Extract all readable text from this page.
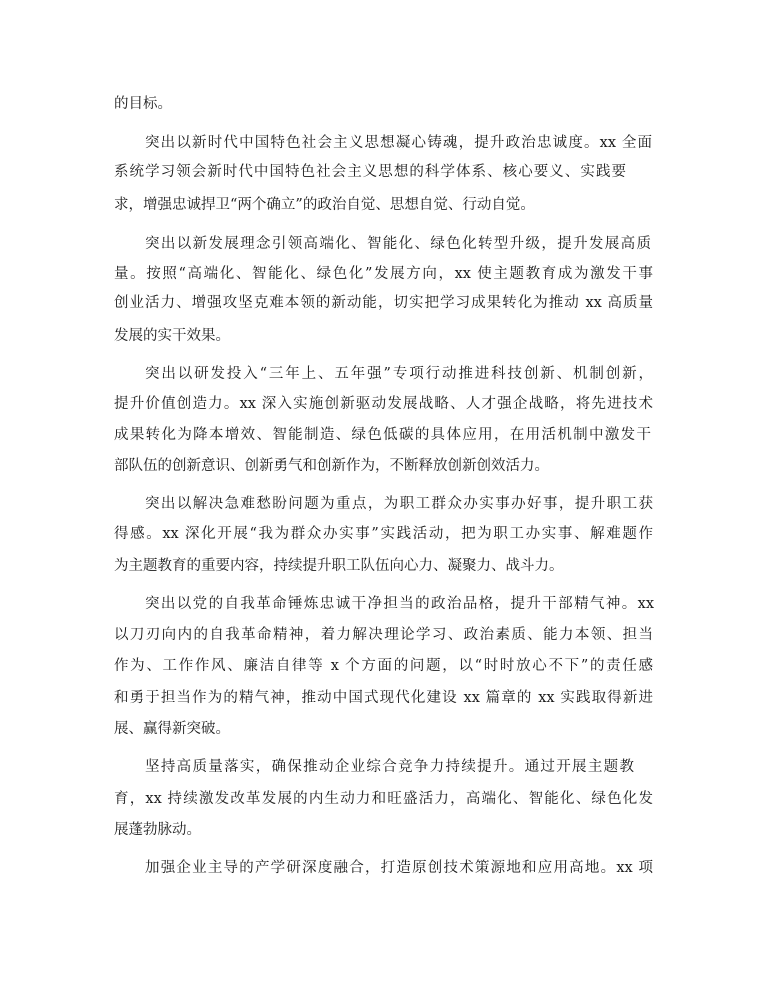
的目标。

突出以新时代中国特色社会主义思想凝心铸魂，提升政治忠诚度。xx 全面

系统学习领会新时代中国特色社会主义思想的科学体系、核心要义、实践要

求，增强忠诚捍卫“两个确立”的政治自觉、思想自觉、行动自觉。

突出以新发展理念引领高端化、智能化、绿色化转型升级，提升发展高质

量。按照“高端化、智能化、绿色化”发展方向，xx 使主题教育成为激发干事

创业活力、增强攻坚克难本领的新动能，切实把学习成果转化为推动 xx 高质量

发展的实干效果。

突出以研发投入“三年上、五年强”专项行动推进科技创新、机制创新，

提升价值创造力。xx 深入实施创新驱动发展战略、人才强企战略，将先进技术

成果转化为降本增效、智能制造、绿色低碳的具体应用，在用活机制中激发干

部队伍的创新意识、创新勇气和创新作为，不断释放创新创效活力。

突出以解决急难愁盼问题为重点，为职工群众办实事办好事，提升职工获

得感。xx 深化开展“我为群众办实事”实践活动，把为职工办实事、解难题作

为主题教育的重要内容，持续提升职工队伍向心力、凝聚力、战斗力。

突出以党的自我革命锤炼忠诚干净担当的政治品格，提升干部精气神。xx

以刀刃向内的自我革命精神，着力解决理论学习、政治素质、能力本领、担当

作为、工作作风、廉洁自律等 x 个方面的问题，以“时时放心不下”的责任感

和勇于担当作为的精气神，推动中国式现代化建设 xx 篇章的 xx 实践取得新进

展、赢得新突破。

坚持高质量落实，确保推动企业综合竞争力持续提升。通过开展主题教

育，xx 持续激发改革发展的内生动力和旺盛活力，高端化、智能化、绿色化发

展蓬勃脉动。

加强企业主导的产学研深度融合，打造原创技术策源地和应用高地。xx 项
